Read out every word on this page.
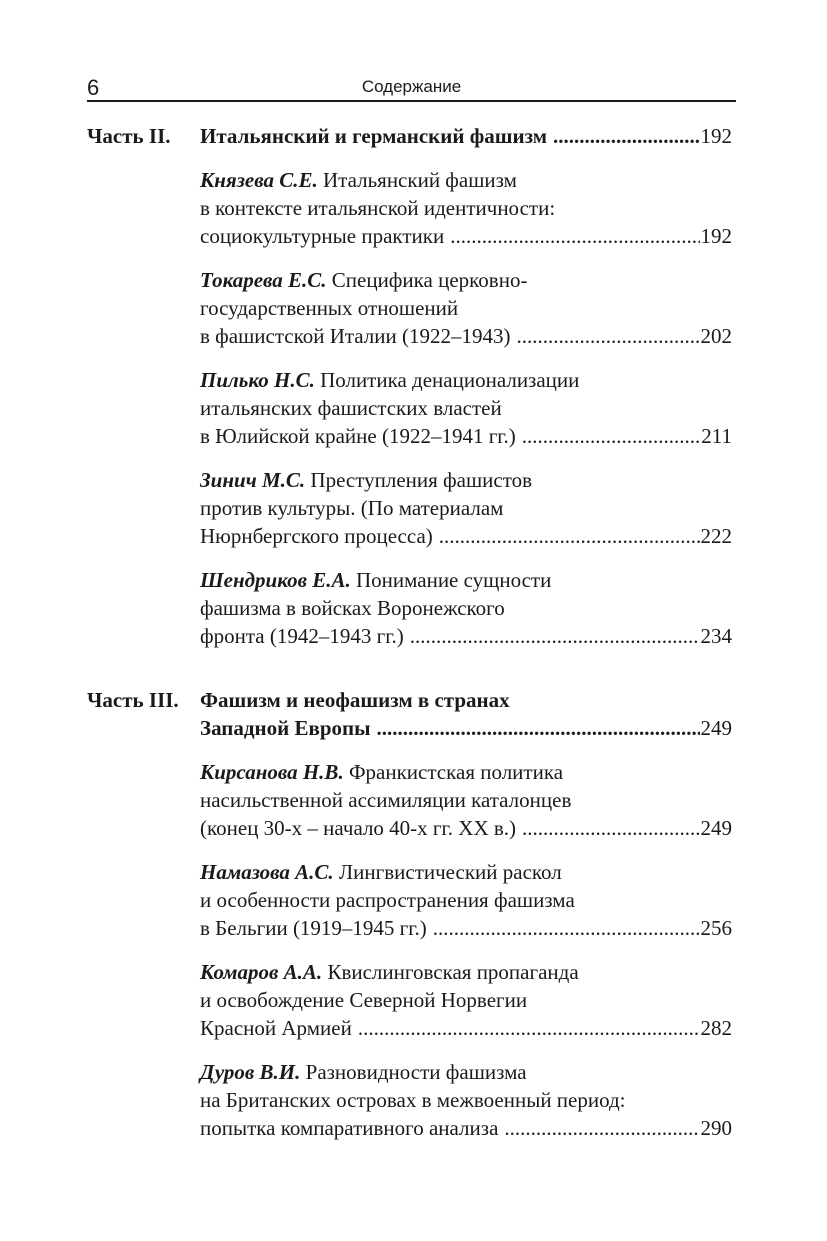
6	Содержание
Часть II.	Итальянский и германский фашизм .....	192
Князева С.Е. Итальянский фашизм
в контексте итальянской идентичности:
социокультурные практики .....	192
Токарева Е.С. Специфика церковно-
государственных отношений
в фашистской Италии (1922–1943) .....	202
Пилько Н.С. Политика денационализации
итальянских фашистских властей
в Юлийской крайне (1922–1941 гг.) .....	211
Зинич М.С. Преступления фашистов
против культуры. (По материалам
Нюрнбергского процесса) .....	222
Шендриков Е.А. Понимание сущности
фашизма в войсках Воронежского
фронта (1942–1943 гг.) .....	234
Часть III.	Фашизм и неофашизм в странах
Западной Европы .....	249
Кирсанова Н.В. Франкистская политика
насильственной ассимиляции каталонцев
(конец 30-х – начало 40-х гг. XX в.) .....	249
Намазова А.С. Лингвистический раскол
и особенности распространения фашизма
в Бельгии (1919–1945 гг.) .....	256
Комаров А.А. Квислинговская пропаганда
и освобождение Северной Норвегии
Красной Армией .....	282
Дуров В.И. Разновидности фашизма
на Британских островах в межвоенный период:
попытка компаративного анализа .....	290
